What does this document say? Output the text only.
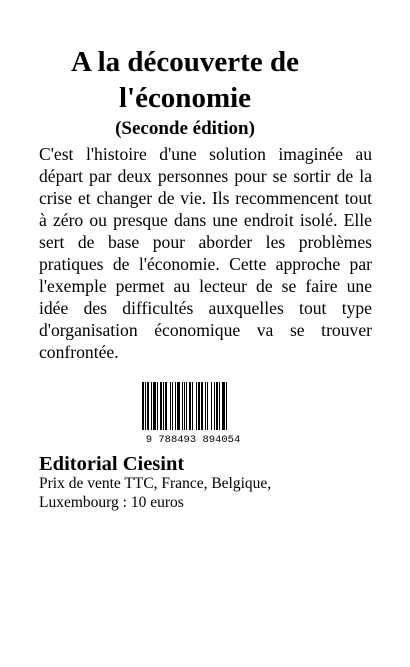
A la découverte de l'économie

(Seconde édition)

C'est l'histoire d'une solution imaginée au départ par deux personnes pour se sortir de la crise et changer de vie. Ils recommencent tout à zéro ou presque dans une endroit isolé. Elle sert de base pour aborder les problèmes pratiques de l'économie. Cette approche par l'exemple permet au lecteur de se faire une idée des difficultés auxquelles tout type d'organisation économique va se trouver confrontée.

9 788493 894054

Editorial Ciesint

Prix de vente TTC, France, Belgique, Luxembourg : 10 euros
